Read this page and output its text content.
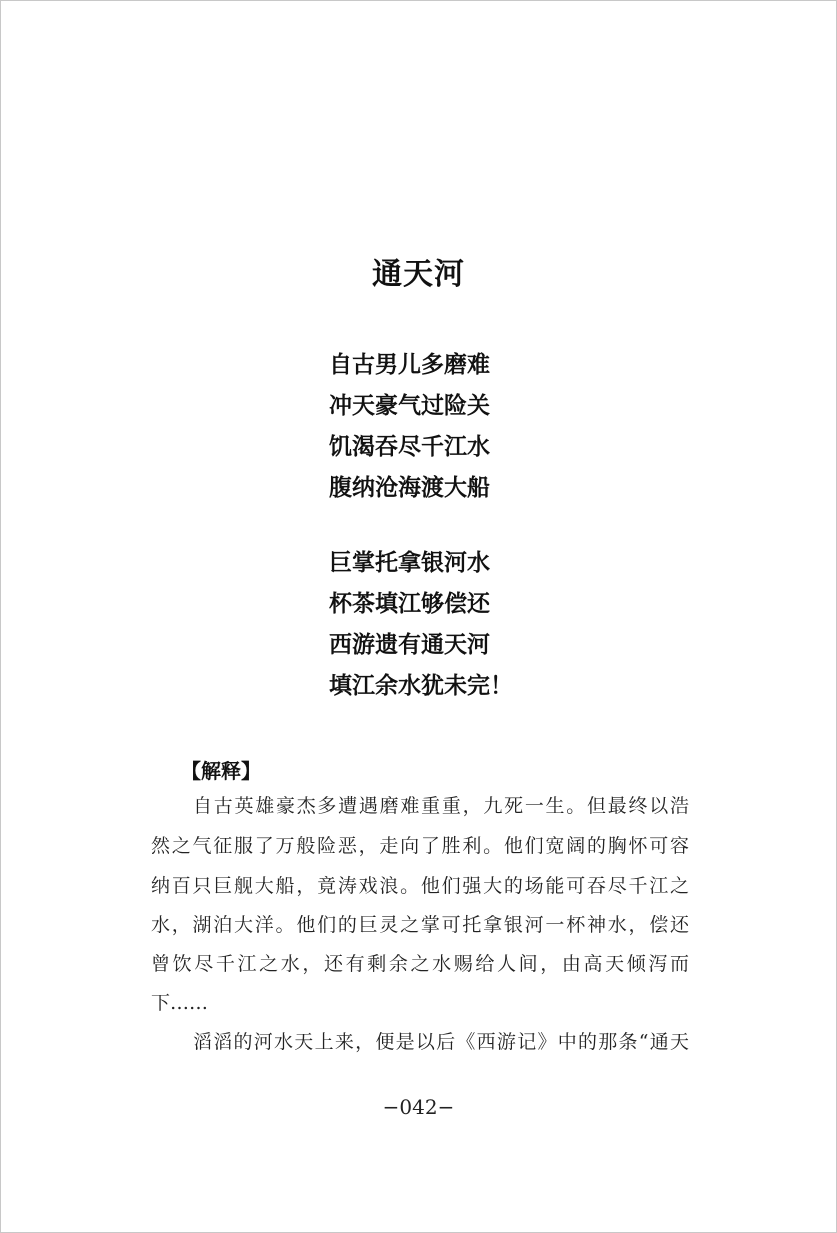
通天河
自古男儿多磨难
冲天豪气过险关
饥渴吞尽千江水
腹纳沧海渡大船
巨掌托拿银河水
杯茶填江够偿还
西游遗有通天河
填江余水犹未完！
【解释】
自古英雄豪杰多遭遇磨难重重，九死一生。但最终以浩
然之气征服了万般险恶，走向了胜利。他们宽阔的胸怀可容
纳百只巨舰大船，竟涛戏浪。他们强大的场能可吞尽千江之
水，湖泊大洋。他们的巨灵之掌可托拿银河一杯神水，偿还
曾饮尽千江之水，还有剩余之水赐给人间，由高天倾泻而
下……
滔滔的河水天上来，便是以后《西游记》中的那条“通天
−042−
